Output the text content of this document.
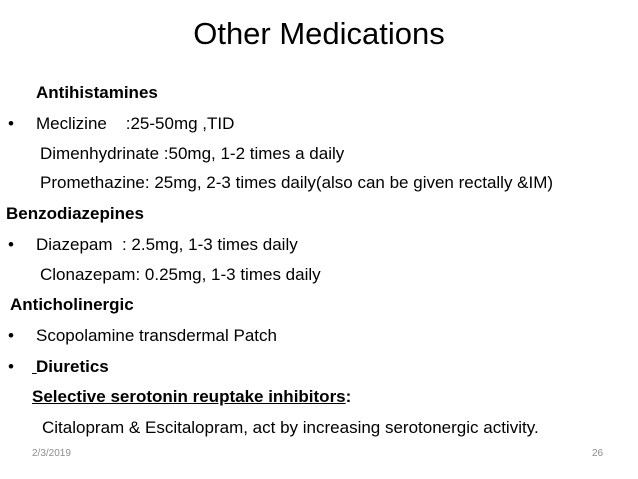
Other Medications
Antihistamines
• Meclizine    :25-50mg ,TID
Dimenhydrinate :50mg, 1-2 times a daily
Promethazine: 25mg, 2-3 times daily(also can be given rectally &IM)
Benzodiazepines
• Diazepam  : 2.5mg, 1-3 times daily
Clonazepam: 0.25mg, 1-3 times daily
Anticholinergic
• Scopolamine transdermal Patch
• Diuretics
Selective serotonin reuptake inhibitors:
Citalopram & Escitalopram, act by increasing serotonergic activity.
2/3/2019	26
